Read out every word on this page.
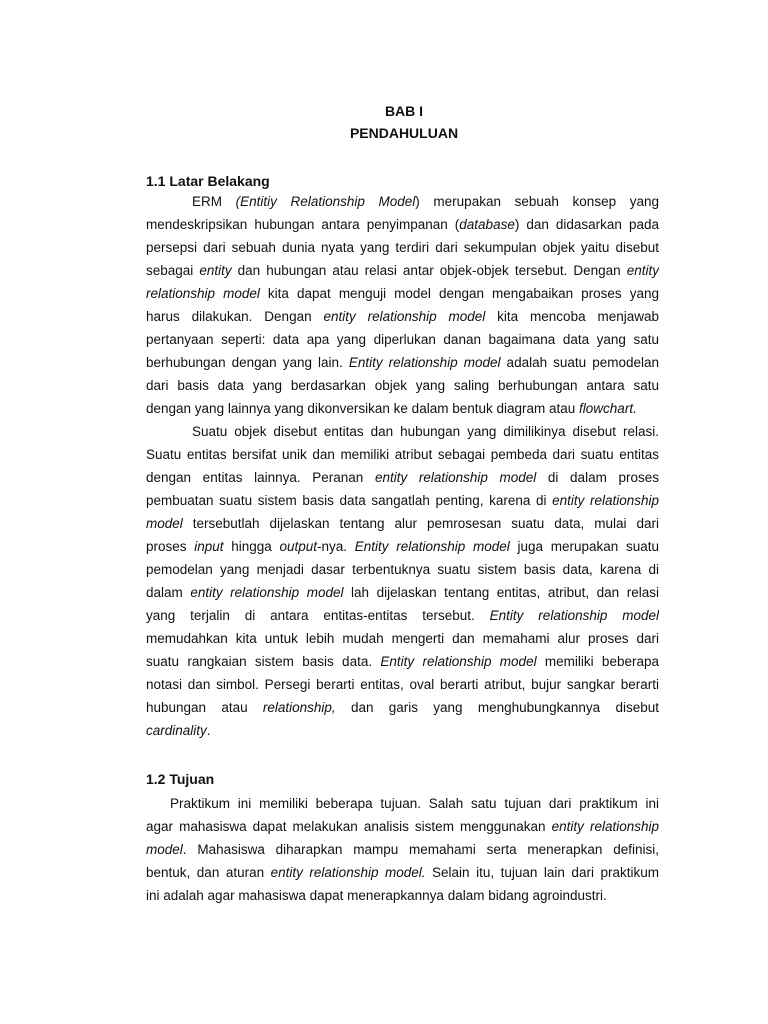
BAB I
PENDAHULUAN
1.1 Latar Belakang
ERM (Entitiy Relationship Model) merupakan sebuah konsep yang
mendeskripsikan hubungan antara penyimpanan (database) dan didasarkan pada
persepsi dari sebuah dunia nyata yang terdiri dari sekumpulan objek yaitu disebut
sebagai entity dan hubungan atau relasi antar objek-objek tersebut. Dengan entity
relationship model kita dapat menguji model dengan mengabaikan proses yang
harus dilakukan. Dengan entity relationship model kita mencoba menjawab
pertanyaan seperti: data apa yang diperlukan danan bagaimana data yang satu
berhubungan dengan yang lain. Entity relationship model adalah suatu pemodelan
dari basis data yang berdasarkan objek yang saling berhubungan antara satu
dengan yang lainnya yang dikonversikan ke dalam bentuk diagram atau flowchart.
Suatu objek disebut entitas dan hubungan yang dimilikinya disebut relasi.
Suatu entitas bersifat unik dan memiliki atribut sebagai pembeda dari suatu entitas
dengan entitas lainnya. Peranan entity relationship model di dalam proses
pembuatan suatu sistem basis data sangatlah penting, karena di entity relationship
model tersebutlah dijelaskan tentang alur pemrosesan suatu data, mulai dari
proses input hingga output-nya. Entity relationship model juga merupakan suatu
pemodelan yang menjadi dasar terbentuknya suatu sistem basis data, karena di
dalam entity relationship model lah dijelaskan tentang entitas, atribut, dan relasi
yang terjalin di antara entitas-entitas tersebut. Entity relationship model
memudahkan kita untuk lebih mudah mengerti dan memahami alur proses dari
suatu rangkaian sistem basis data. Entity relationship model memiliki beberapa
notasi dan simbol. Persegi berarti entitas, oval berarti atribut, bujur sangkar berarti
hubungan atau relationship, dan garis yang menghubungkannya disebut
cardinality.
1.2 Tujuan
Praktikum ini memiliki beberapa tujuan. Salah satu tujuan dari praktikum ini
agar mahasiswa dapat melakukan analisis sistem menggunakan entity relationship
model. Mahasiswa diharapkan mampu memahami serta menerapkan definisi,
bentuk, dan aturan entity relationship model. Selain itu, tujuan lain dari praktikum
ini adalah agar mahasiswa dapat menerapkannya dalam bidang agroindustri.
